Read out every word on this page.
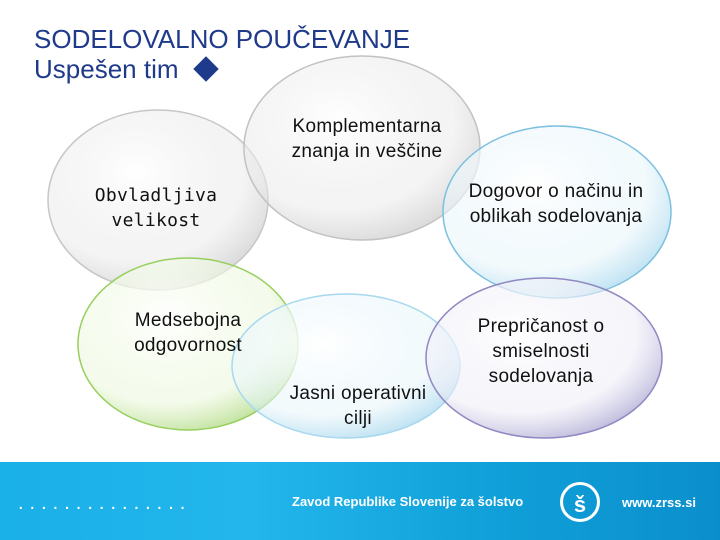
SODELOVALNO POUČEVANJE
Uspešen tim
Komplementarna znanja in veščine
Obvladljiva velikost
Dogovor o načinu in oblikah sodelovanja
Medsebojna odgovornost
Jasni operativni cilji
Prepričanost o smiselnosti sodelovanja
...............	Zavod Republike Slovenije za šolstvo	š	www.zrss.si
